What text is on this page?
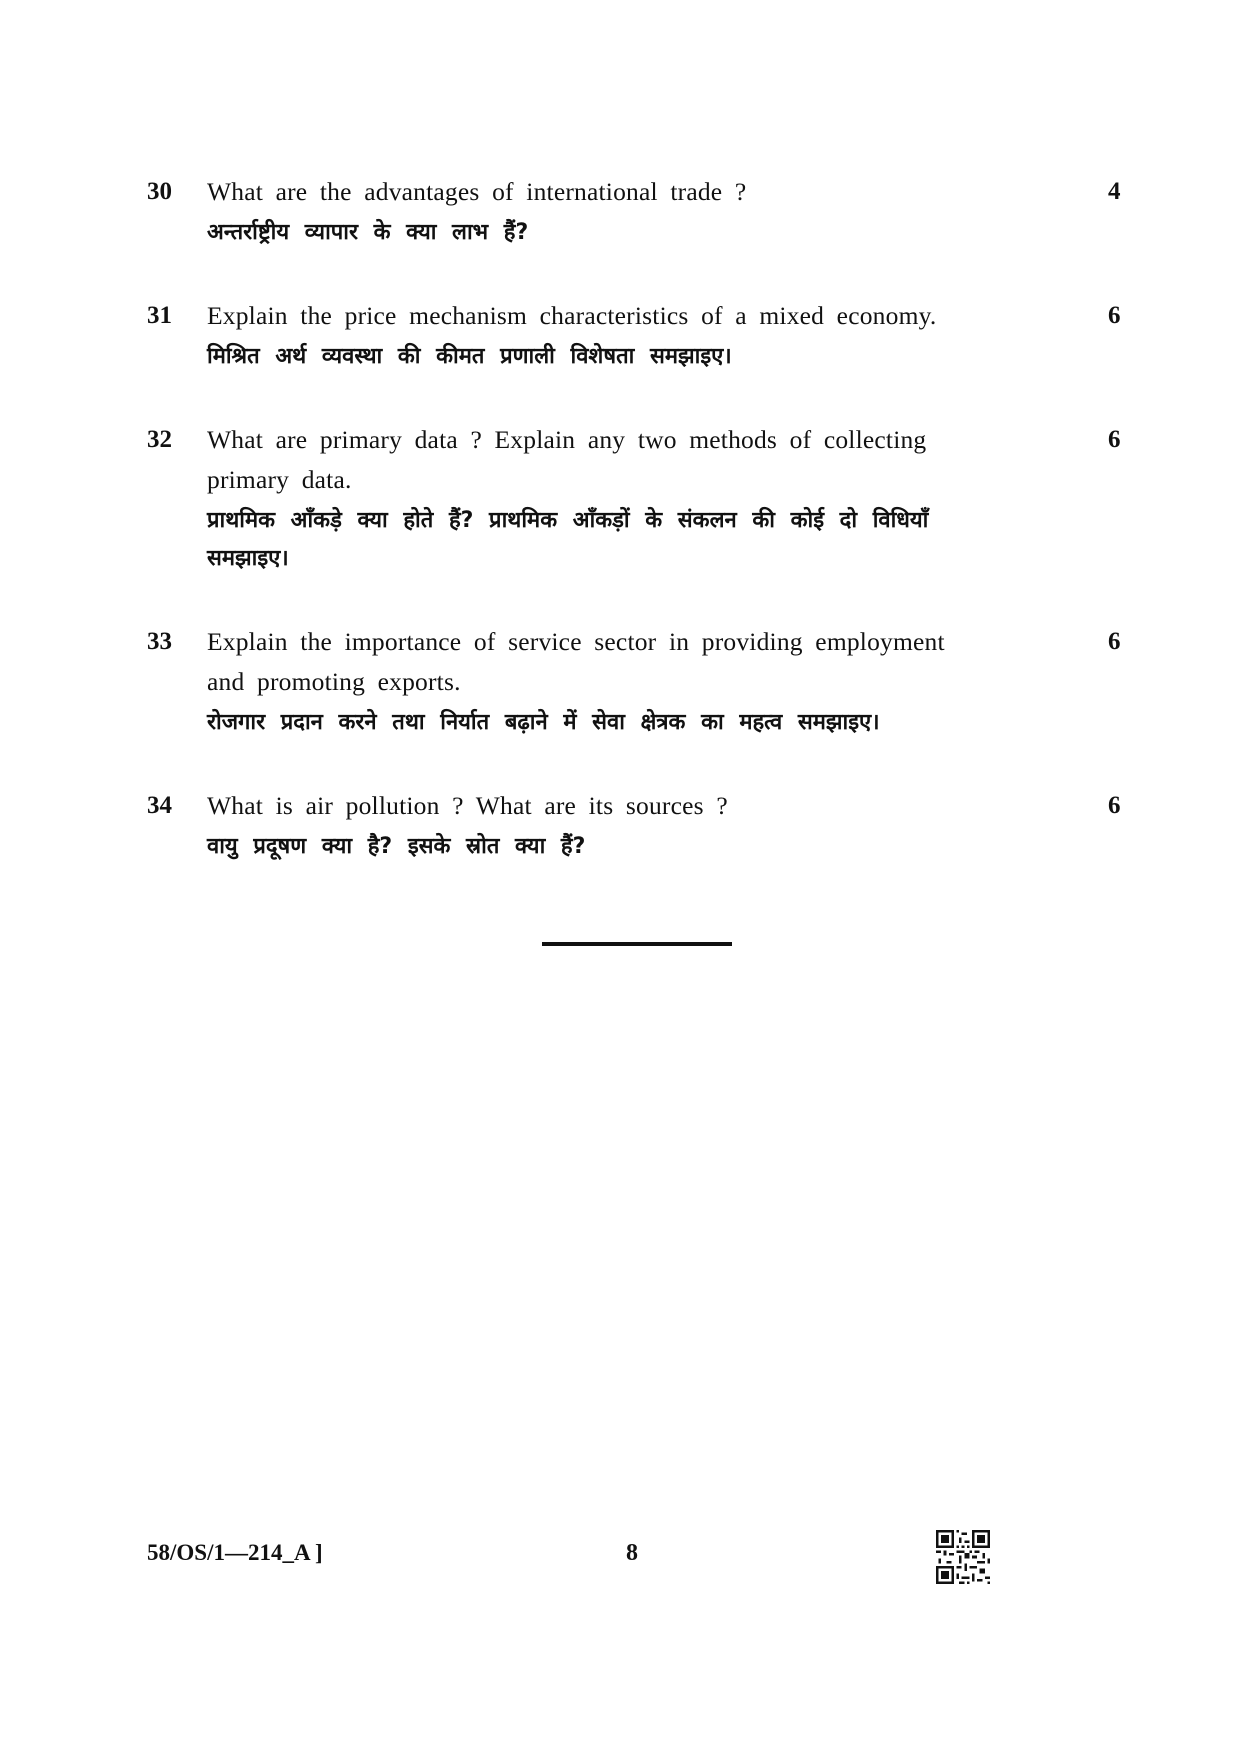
30 What are the advantages of international trade ?
अन्तर्राष्ट्रीय व्यापार के क्या लाभ हैं?
4
31 Explain the price mechanism characteristics of a mixed economy.
मिश्रित अर्थ व्यवस्था की कीमत प्रणाली विशेषता समझाइए।
6
32 What are primary data ? Explain any two methods of collecting primary data.
प्राथमिक आँकड़े क्या होते हैं? प्राथमिक आँकड़ों के संकलन की कोई दो विधियाँ समझाइए।
6
33 Explain the importance of service sector in providing employment and promoting exports.
रोजगार प्रदान करने तथा निर्यात बढ़ाने में सेवा क्षेत्रक का महत्व समझाइए।
6
34 What is air pollution ? What are its sources ?
वायु प्रदूषण क्या है? इसके स्रोत क्या हैं?
6
58/OS/1—214_A ]	8
